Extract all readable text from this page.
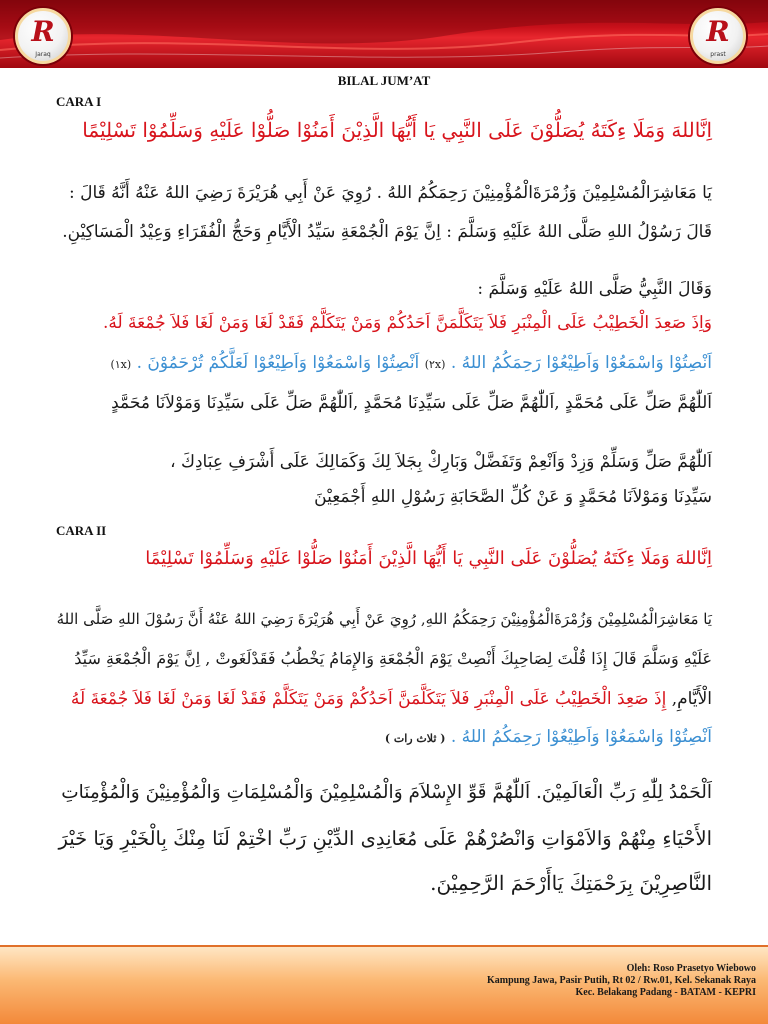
R
Jaraq
R
prast
BILAL JUM’AT
CARA I
اِنَّاللهَ وَمَلَا ءِكَتَهُ يُصَلُّوْنَ عَلَى النَّبِي يَا أَيُّهَا الَّذِيْنَ أَمَنُوْا صَلُّوْا عَلَيْهِ وَسَلِّمُوْا تَسْلِيْمًا
يَا مَعَاشِرَالْمُسْلِمِيْنَ وَزُمْرَةَالْمُؤْمِنِيْنَ رَحِمَكُمُ اللهُ . رُوِيَ عَنْ أَبِي هُرَيْرَةَ رَضِيَ اللهُ عَنْهُ أَنَّهُ قَالَ :
قَالَ رَسُوْلُ اللهِ صَلَّى اللهُ عَلَيْهِ وَسَلَّمَ : اِنَّ يَوْمَ الْجُمْعَةِ سَيِّدُ الْأَيَّامِ وَحَجُّ الْفُقَرَاءِ وَعِيْدُ الْمَسَاكِيْنِ.
وَقَالَ النَّبِيُّ صَلَّى اللهُ عَلَيْهِ وَسَلَّمَ :
وَاِذَ صَعِدَ الْخَطِيْبُ عَلَى الْمِنْبَرِ فَلاَ يَتَكَلَّمَنَّ اَحَدُكُمْ وَمَنْ يَتَكَلَّمْ فَقَدْ لَغَا وَمَنْ لَغَا فَلاَ جُمْعَةَ لَهُ.
اَنْصِتُوْا وَاسْمَعُوْا وَاَطِيْعُوْا رَحِمَكُمُ اللهُ . (٢x) اَنْصِتُوْا وَاسْمَعُوْا وَاَطِيْعُوْا لَعَلَّكُمْ تُرْحَمُوْنَ . (١x)
اَللّٰهُمَّ صَلِّ عَلَى مُحَمَّدٍ ,اَللّٰهُمَّ صَلِّ عَلَى سَيِّدِنَا مُحَمَّدٍ ,اَللّٰهُمَّ صَلِّ عَلَى سَيِّدِنَا وَمَوْلاَنَا مُحَمَّدٍ
اَللّٰهُمَّ صَلِّ وَسَلِّمْ وَزِدْ وَاَنْعِمْ وَتَفَضَّلْ وَبَارِكْ بِجَلاَ لِكَ وَكَمَالِكَ عَلَى أَشْرَفِ عِبَادِكَ ،
سَيِّدِنَا وَمَوْلاَنَا مُحَمَّدٍ وَ عَنْ كُلِّ الصَّحَابَةِ رَسُوْلِ اللهِ أَجْمَعِيْنَ
CARA II
اِنَّاللهَ وَمَلَا ءِكَتَهُ يُصَلُّوْنَ عَلَى النَّبِي يَا أَيُّهَا الَّذِيْنَ أَمَنُوْا صَلُّوْا عَلَيْهِ وَسَلِّمُوْا تَسْلِيْمًا
يَا مَعَاشِرَالْمُسْلِمِيْنَ وَزُمْرَةَالْمُؤْمِنِيْنَ رَحِمَكُمُ اللهِ, رُوِيَ عَنْ أَبِي هُرَيْرَةَ رَضِيَ اللهُ عَنْهُ أَنَّ رَسُوْلَ اللهِ صَلَّى اللهُ
عَلَيْهِ وَسَلَّمَ قَالَ إِذَا قُلْتَ لِصَاحِبِكَ أَنْصِتْ يَوْمَ الْجُمْعَةِ وَالإِمَامُ يَخْطُبُ فَقَدْلَغَوتْ , اِنَّ يَوْمَ الْجُمْعَةِ سَيِّدُ
الْأَيَّامِ, إِذَ صَعِدَ الْخَطِيْبُ عَلَى الْمِنْبَرِ فَلاَ يَتَكَلَّمَنَّ اَحَدُكُمْ وَمَنْ يَتَكَلَّمْ فَقَدْ لَغَا وَمَنْ لَغَا فَلاَ جُمْعَةَ لَهُ
اَنْصِتُوْا وَاسْمَعُوْا وَاَطِيْعُوْا رَحِمَكُمُ اللهُ . ( ثلاث رات )
اَلْحَمْدُ لِلّٰهِ رَبِّ الْعَالَمِيْنَ. اَللّٰهُمَّ قَوِّ الإِسْلاَمَ وَالْمُسْلِمِيْنَ وَالْمُسْلِمَاتِ وَالْمُؤْمِنِيْنَ وَالْمُؤْمِنَاتِ
الأَحْيَاءِ مِنْهُمْ وَالاَمْوَاتِ وَانْصُرْهُمْ عَلَى مُعَانِدِى الدِّيْنِ رَبِّ اخْتِمْ لَنَا مِنْكَ بِالْخَيْرِ وَيَا خَيْرَ
النَّاصِرِيْنَ بِرَحْمَتِكَ يَاأَرْحَمَ الرَّحِمِيْنَ.
Oleh: Roso Prasetyo Wiebowo
Kampung Jawa, Pasir Putih, Rt 02 / Rw.01, Kel. Sekanak Raya
Kec. Belakang Padang - BATAM - KEPRI
